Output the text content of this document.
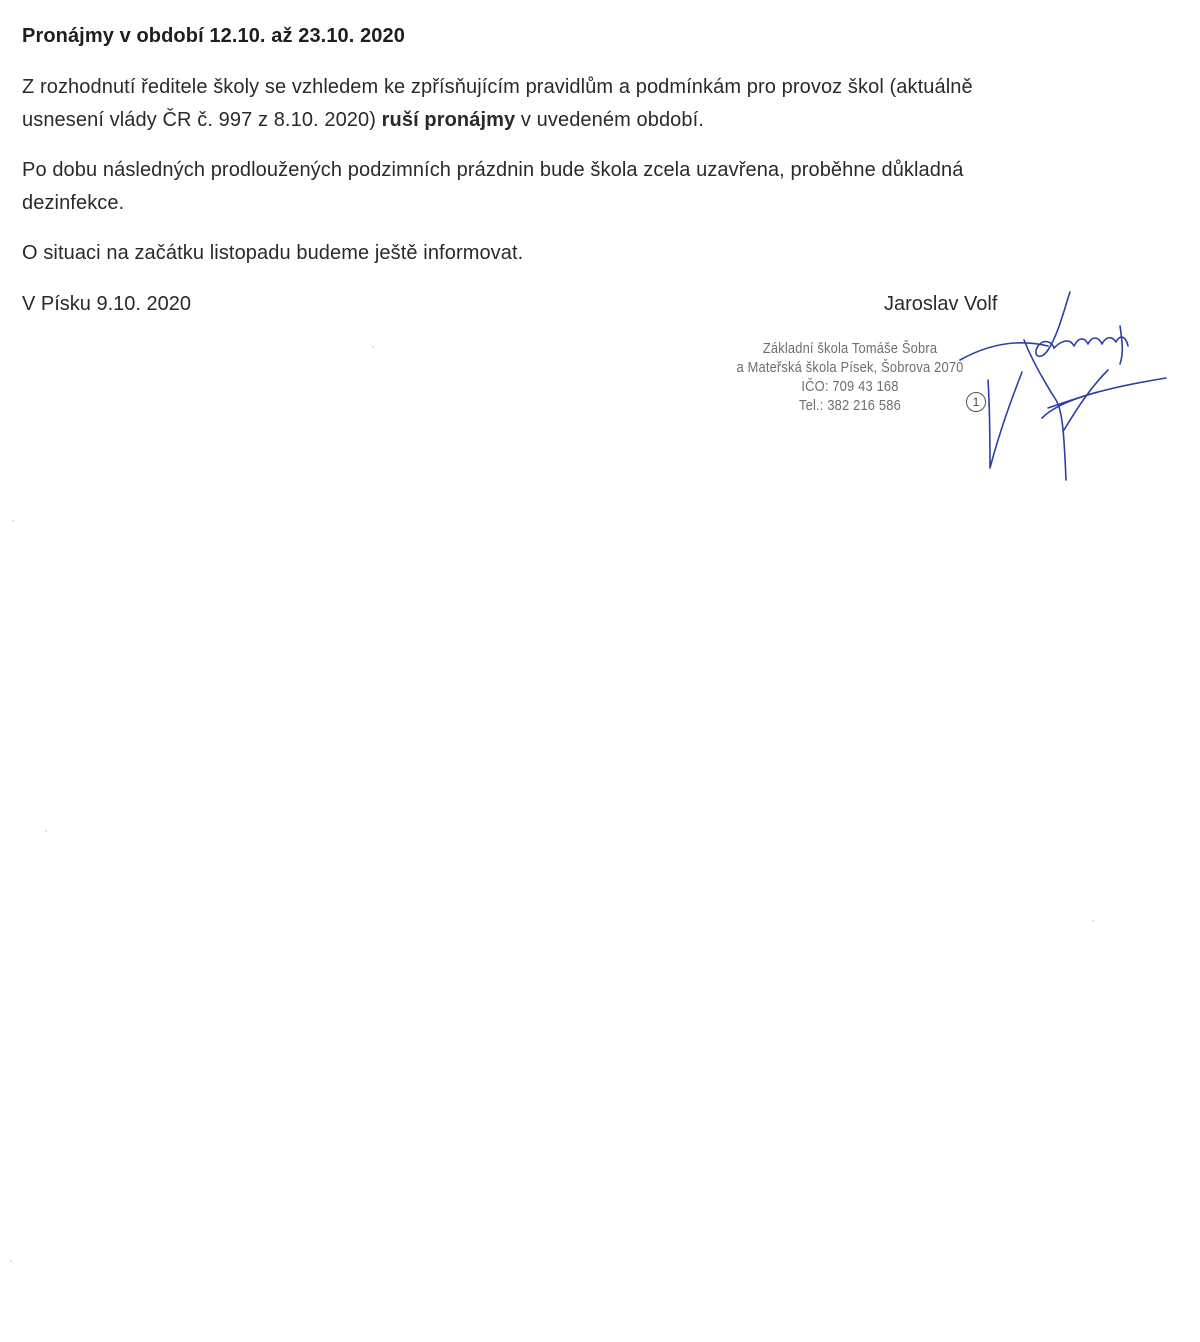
Pronájmy v období 12.10. až 23.10. 2020
Z rozhodnutí ředitele školy se vzhledem ke zpřísňujícím pravidlům a podmínkám pro provoz škol (aktuálně usnesení vlády ČR č. 997 z 8.10. 2020) ruší pronájmy v uvedeném období.
Po dobu následných prodloužených podzimních prázdnin bude škola zcela uzavřena, proběhne důkladná dezinfekce.
O situaci na začátku listopadu budeme ještě informovat.
V Písku 9.10. 2020	Jaroslav Volf
Základní škola Tomáše Šobra
a Mateřská škola Písek, Šobrova 2070
IČO: 709 43 168
Tel.: 382 216 586	1
